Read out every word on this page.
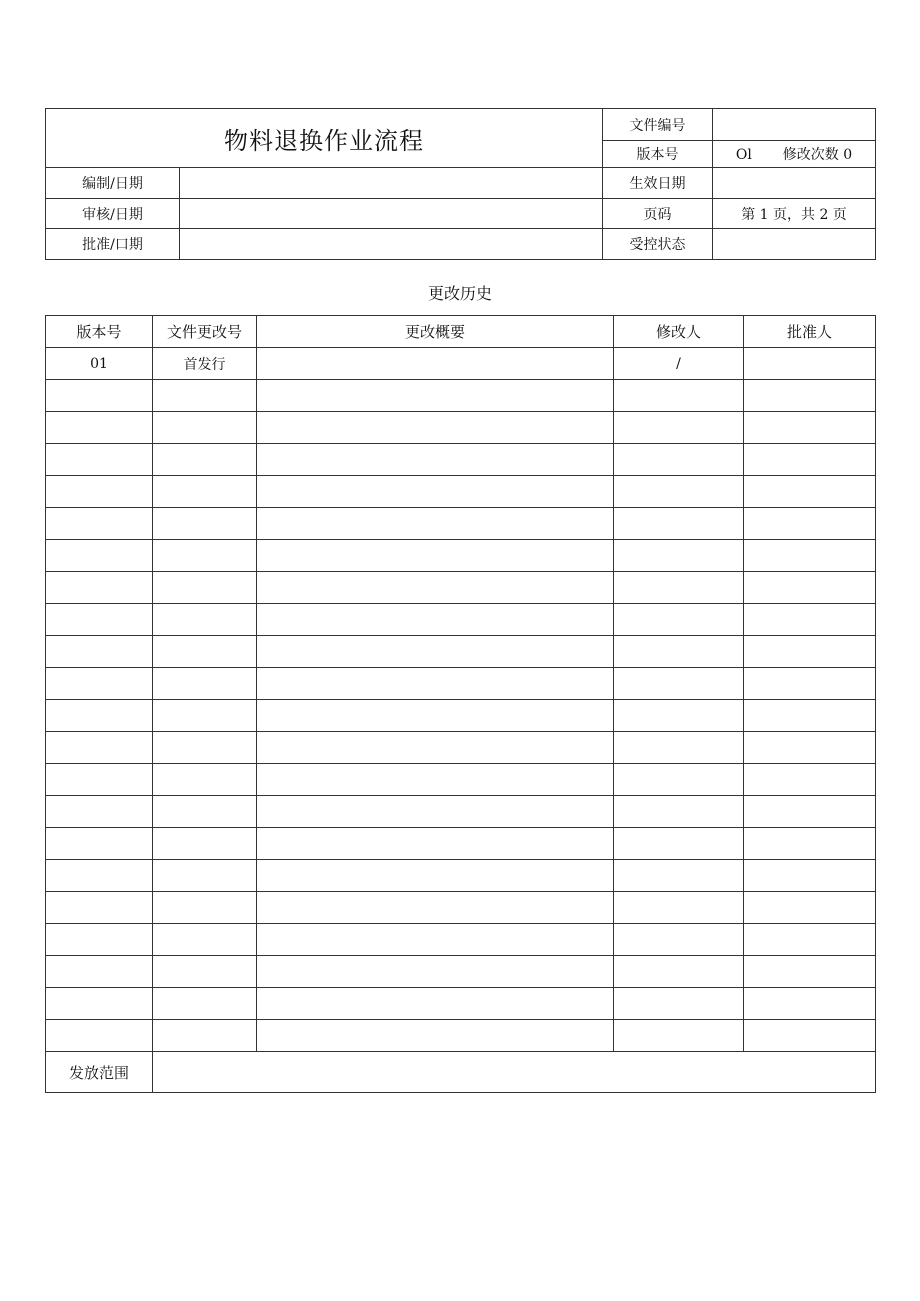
物料退换作业流程		文件编号	
		版本号	Ol 修改次数 0
编制/日期		生效日期	
审核/日期		页码	第 1 页，共 2 页
批准/口期		受控状态	
更改历史
版本号	文件更改号	更改概要	修改人	批准人
01	首发行		/	

发放范围				
